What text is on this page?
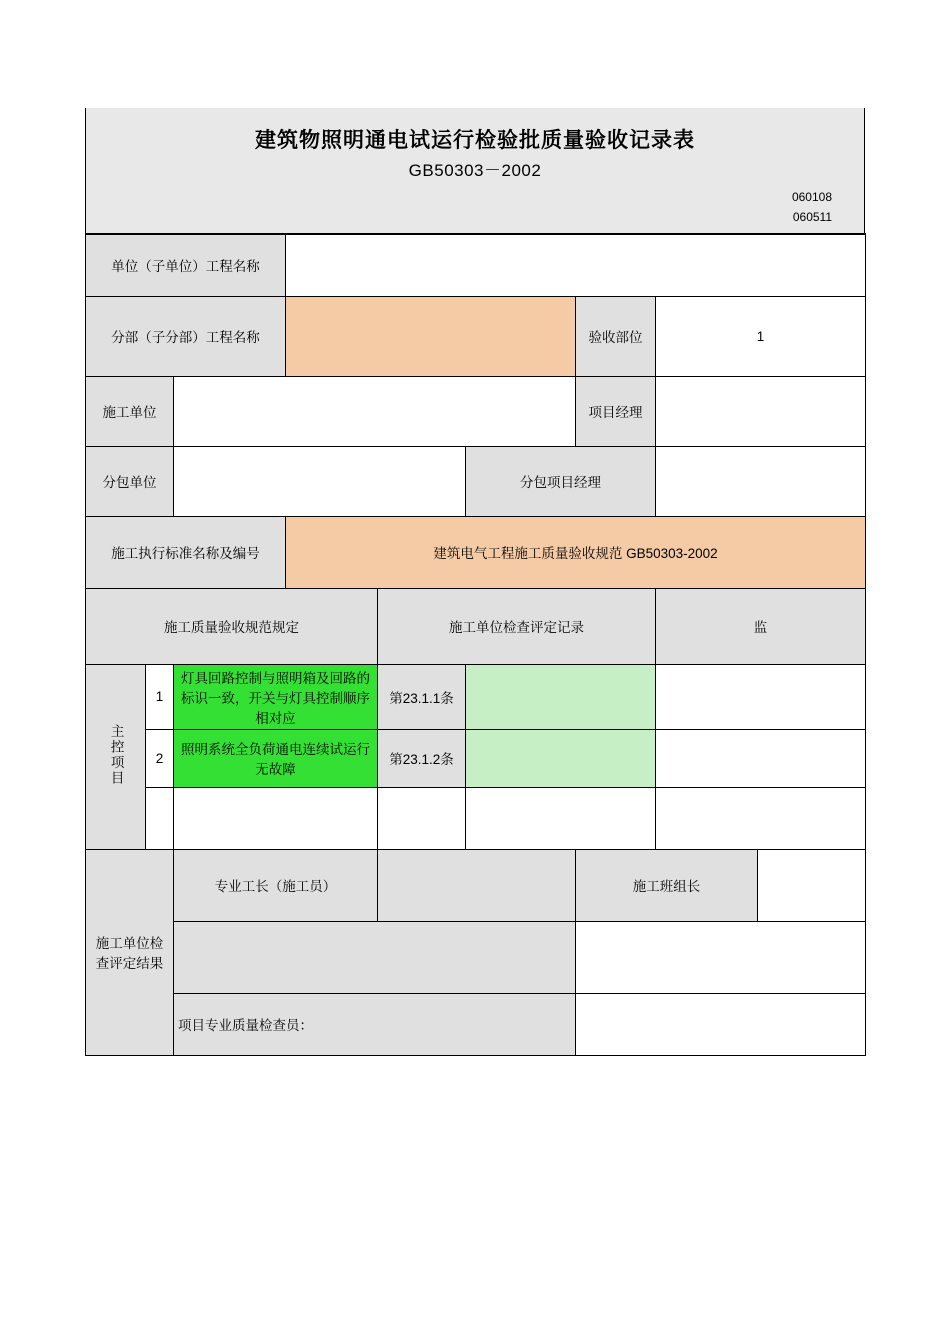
建筑物照明通电试运行检验批质量验收记录表
GB50303－2002
060108
060511
单位（子单位）工程名称								
分部（子分部）工程名称						验收部位	1	
施工单位						项目经理		
分包单位					分包项目经理			
施工执行标准名称及编号			建筑电气工程施工质量验收规范 GB50303-2002					
施工质量验收规范规定				施工单位检查评定记录			监	
主控项目	1	灯具回路控制与照明箱及回路的标识一致，开关与灯具控制顺序相对应		第23.1.1条				
	2	照明系统全负荷通电连续试运行无故障		第23.1.2条				

施工单位检查评定结果		专业工长（施工员）				施工班组长		

		项目专业质量检查员：						
